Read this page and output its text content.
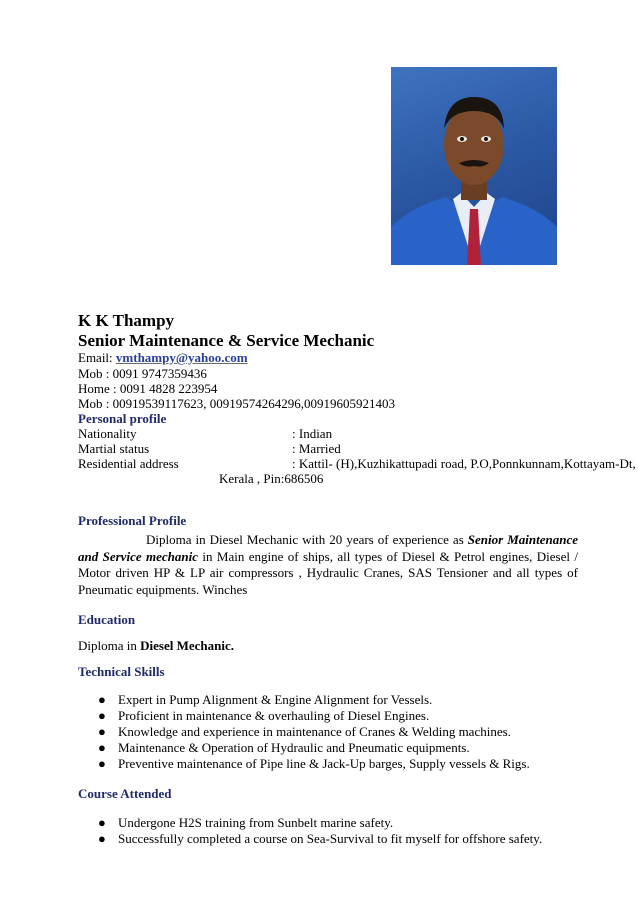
K K Thampy
Senior Maintenance & Service Mechanic
Email: vmthampy@yahoo.com
Mob : 0091 9747359436
Home : 0091 4828 223954
Mob : 00919539117623, 00919574264296,00919605921403
Personal profile
Nationality	: Indian
Martial status	: Married
Residential address	: Kattil- (H),Kuzhikattupadi road, P.O,Ponnkunnam,Kottayam-Dt,
Kerala , Pin:686506
Professional Profile
Diploma in Diesel Mechanic with 20 years of experience as Senior Maintenance and Service mechanic in Main engine of ships, all types of Diesel & Petrol engines, Diesel / Motor driven HP & LP air compressors , Hydraulic Cranes, SAS Tensioner and all types of Pneumatic equipments. Winches
Education
Diploma in Diesel Mechanic.
Technical Skills
● Expert in Pump Alignment & Engine Alignment for Vessels.
● Proficient in maintenance & overhauling of Diesel Engines.
● Knowledge and experience in maintenance of Cranes & Welding machines.
● Maintenance & Operation of Hydraulic and Pneumatic equipments.
● Preventive maintenance of Pipe line & Jack-Up barges, Supply vessels & Rigs.
Course Attended
● Undergone H2S training from Sunbelt marine safety.
● Successfully completed a course on Sea-Survival to fit myself for offshore safety.
